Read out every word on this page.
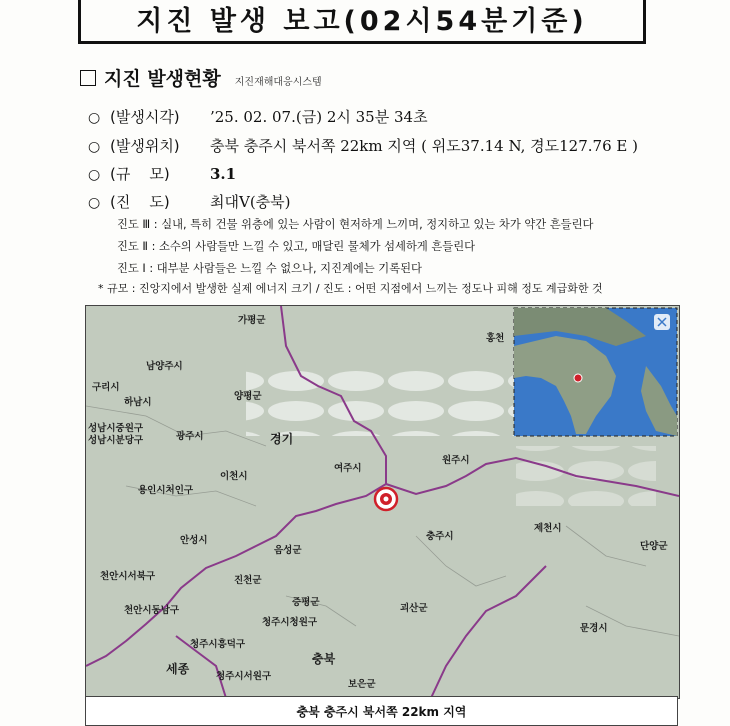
지진 발생 보고(02시54분기준)
지진 발생현황 지진재해대응시스템
○ (발생시각)	’25. 02. 07.(금) 2시 35분 34초
○ (발생위치)	충북 충주시 북서쪽 22km 지역 ( 위도37.14 N, 경도127.76 E )
○ (규    모)	3.1
○ (진    도)	최대Ⅴ(충북)
진도 Ⅲ : 실내, 특히 건물 위층에 있는 사람이 현저하게 느끼며, 정지하고 있는 차가 약간 흔들린다
진도 Ⅱ : 소수의 사람들만 느낄 수 있고, 매달린 물체가 섬세하게 흔들린다
진도 Ⅰ : 대부분 사람들은 느낄 수 없으나, 지진계에는 기록된다
* 규모 : 진앙지에서 발생한 실제 에너지 크기 / 진도 : 어떤 지점에서 느끼는 정도나 피해 정도 계급화한 것
가평군
홍천
남양주시
구리시
하남시
양평군
성남시중원구
성남시분당구	광주시	경기
여주시
원주시
이천시
용인시처인구
제천시
안성시
음성군
충주시
단양군
천안시서북구	진천군
천안시동남구
증평군
괴산군
청주시청원구
문경시
청주시흥덕구
세종
충북
청주시서원구
보은군
충북 충주시 북서쪽 22km 지역
